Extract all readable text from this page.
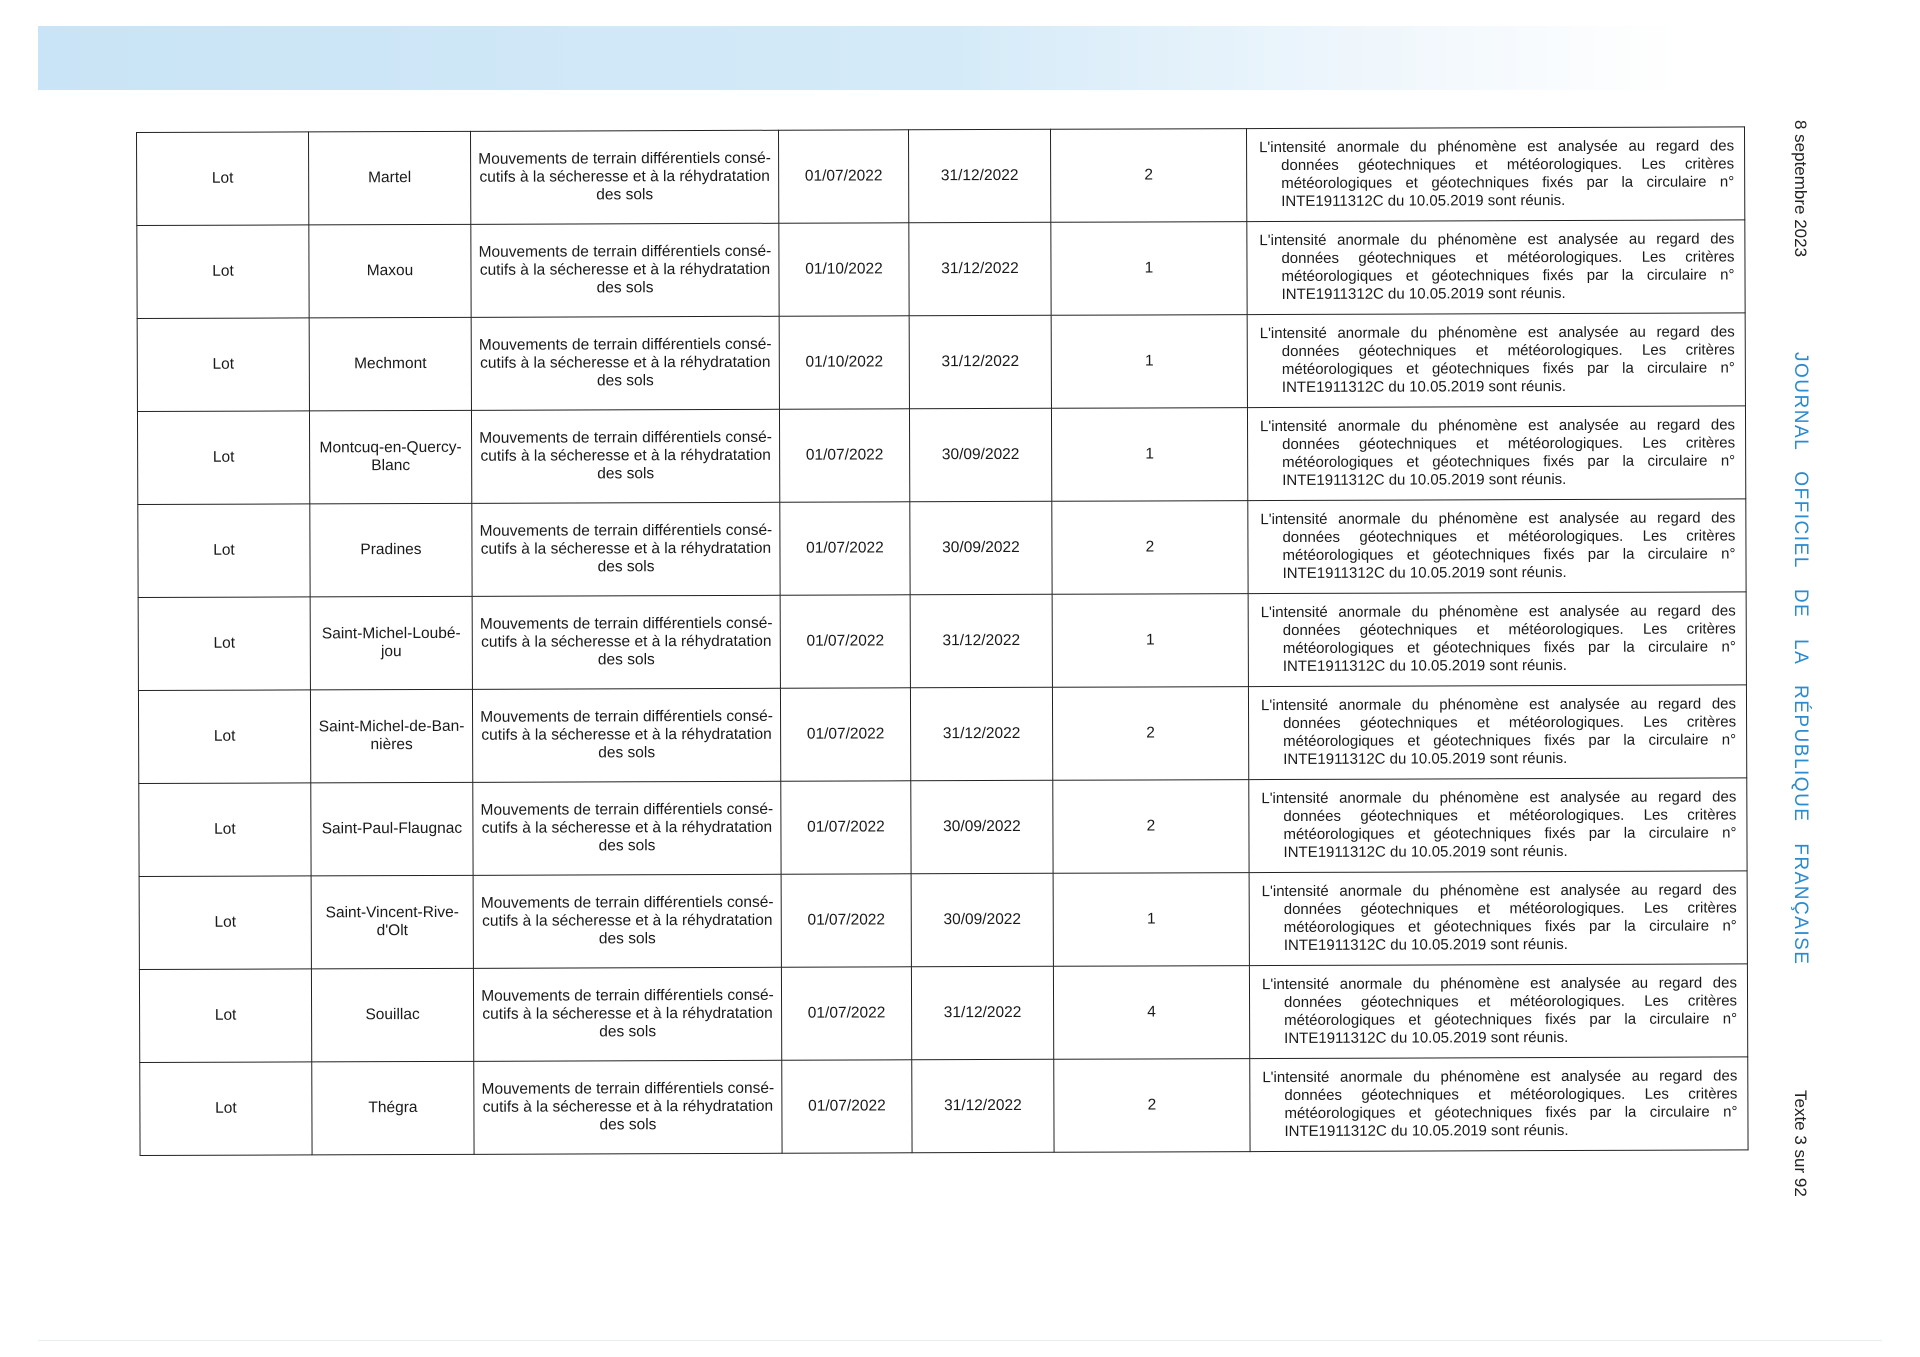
Lot	Martel	Mouvements de terrain différentiels consé-cutifs à la sécheresse et à la réhydratation des sols	01/07/2022	31/12/2022	2	L'intensité anormale du phénomène est analysée au regard des données géotechniques et météorologiques. Les critères météorologiques et géotechniques fixés par la circulaire n° INTE1911312C du 10.05.2019 sont réunis.

Lot	Maxou	Mouvements de terrain différentiels consé-cutifs à la sécheresse et à la réhydratation des sols	01/10/2022	31/12/2022	1	L'intensité anormale du phénomène est analysée au regard des données géotechniques et météorologiques. Les critères météorologiques et géotechniques fixés par la circulaire n° INTE1911312C du 10.05.2019 sont réunis.

Lot	Mechmont	Mouvements de terrain différentiels consé-cutifs à la sécheresse et à la réhydratation des sols	01/10/2022	31/12/2022	1	L'intensité anormale du phénomène est analysée au regard des données géotechniques et météorologiques. Les critères météorologiques et géotechniques fixés par la circulaire n° INTE1911312C du 10.05.2019 sont réunis.

Lot	Montcuq-en-Quercy-Blanc	Mouvements de terrain différentiels consé-cutifs à la sécheresse et à la réhydratation des sols	01/07/2022	30/09/2022	1	L'intensité anormale du phénomène est analysée au regard des données géotechniques et météorologiques. Les critères météorologiques et géotechniques fixés par la circulaire n° INTE1911312C du 10.05.2019 sont réunis.

Lot	Pradines	Mouvements de terrain différentiels consé-cutifs à la sécheresse et à la réhydratation des sols	01/07/2022	30/09/2022	2	L'intensité anormale du phénomène est analysée au regard des données géotechniques et météorologiques. Les critères météorologiques et géotechniques fixés par la circulaire n° INTE1911312C du 10.05.2019 sont réunis.

Lot	Saint-Michel-Loubé-jou	Mouvements de terrain différentiels consé-cutifs à la sécheresse et à la réhydratation des sols	01/07/2022	31/12/2022	1	L'intensité anormale du phénomène est analysée au regard des données géotechniques et météorologiques. Les critères météorologiques et géotechniques fixés par la circulaire n° INTE1911312C du 10.05.2019 sont réunis.

Lot	Saint-Michel-de-Ban-nières	Mouvements de terrain différentiels consé-cutifs à la sécheresse et à la réhydratation des sols	01/07/2022	31/12/2022	2	L'intensité anormale du phénomène est analysée au regard des données géotechniques et météorologiques. Les critères météorologiques et géotechniques fixés par la circulaire n° INTE1911312C du 10.05.2019 sont réunis.

Lot	Saint-Paul-Flaugnac	Mouvements de terrain différentiels consé-cutifs à la sécheresse et à la réhydratation des sols	01/07/2022	30/09/2022	2	L'intensité anormale du phénomène est analysée au regard des données géotechniques et météorologiques. Les critères météorologiques et géotechniques fixés par la circulaire n° INTE1911312C du 10.05.2019 sont réunis.

Lot	Saint-Vincent-Rive-d'Olt	Mouvements de terrain différentiels consé-cutifs à la sécheresse et à la réhydratation des sols	01/07/2022	30/09/2022	1	L'intensité anormale du phénomène est analysée au regard des données géotechniques et météorologiques. Les critères météorologiques et géotechniques fixés par la circulaire n° INTE1911312C du 10.05.2019 sont réunis.

Lot	Souillac	Mouvements de terrain différentiels consé-cutifs à la sécheresse et à la réhydratation des sols	01/07/2022	31/12/2022	4	L'intensité anormale du phénomène est analysée au regard des données géotechniques et météorologiques. Les critères météorologiques et géotechniques fixés par la circulaire n° INTE1911312C du 10.05.2019 sont réunis.

Lot	Thégra	Mouvements de terrain différentiels consé-cutifs à la sécheresse et à la réhydratation des sols	01/07/2022	31/12/2022	2	L'intensité anormale du phénomène est analysée au regard des données géotechniques et météorologiques. Les critères météorologiques et géotechniques fixés par la circulaire n° INTE1911312C du 10.05.2019 sont réunis.
8 septembre 2023
JOURNAL OFFICIEL DE LA RÉPUBLIQUE FRANÇAISE
Texte 3 sur 92
